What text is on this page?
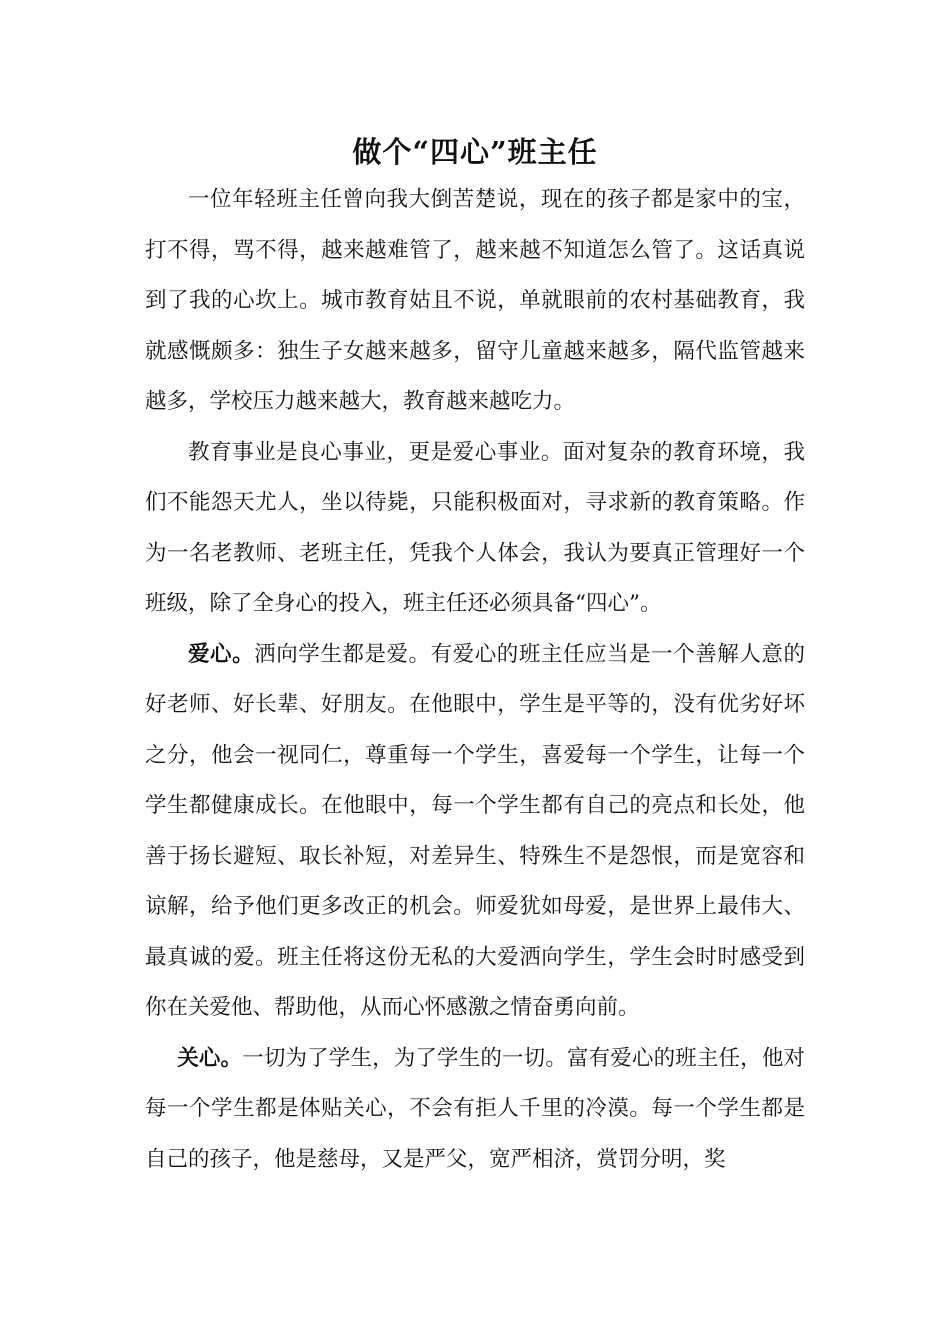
做个“四心”班主任

一位年轻班主任曾向我大倒苦楚说，现在的孩子都是家中的宝，打不得，骂不得，越来越难管了，越来越不知道怎么管了。这话真说到了我的心坎上。城市教育姑且不说，单就眼前的农村基础教育，我就感慨颇多：独生子女越来越多，留守儿童越来越多，隔代监管越来越多，学校压力越来越大，教育越来越吃力。

教育事业是良心事业，更是爱心事业。面对复杂的教育环境，我们不能怨天尤人，坐以待毙，只能积极面对，寻求新的教育策略。作为一名老教师、老班主任，凭我个人体会，我认为要真正管理好一个班级，除了全身心的投入，班主任还必须具备“四心”。

爱心。洒向学生都是爱。有爱心的班主任应当是一个善解人意的好老师、好长辈、好朋友。在他眼中，学生是平等的，没有优劣好坏之分，他会一视同仁，尊重每一个学生，喜爱每一个学生，让每一个学生都健康成长。在他眼中，每一个学生都有自己的亮点和长处，他善于扬长避短、取长补短，对差异生、特殊生不是怨恨，而是宽容和谅解，给予他们更多改正的机会。师爱犹如母爱，是世界上最伟大、最真诚的爱。班主任将这份无私的大爱洒向学生，学生会时时感受到你在关爱他、帮助他，从而心怀感激之情奋勇向前。

关心。一切为了学生，为了学生的一切。富有爱心的班主任，他对每一个学生都是体贴关心，不会有拒人千里的冷漠。每一个学生都是自己的孩子，他是慈母，又是严父，宽严相济，赏罚分明，奖
